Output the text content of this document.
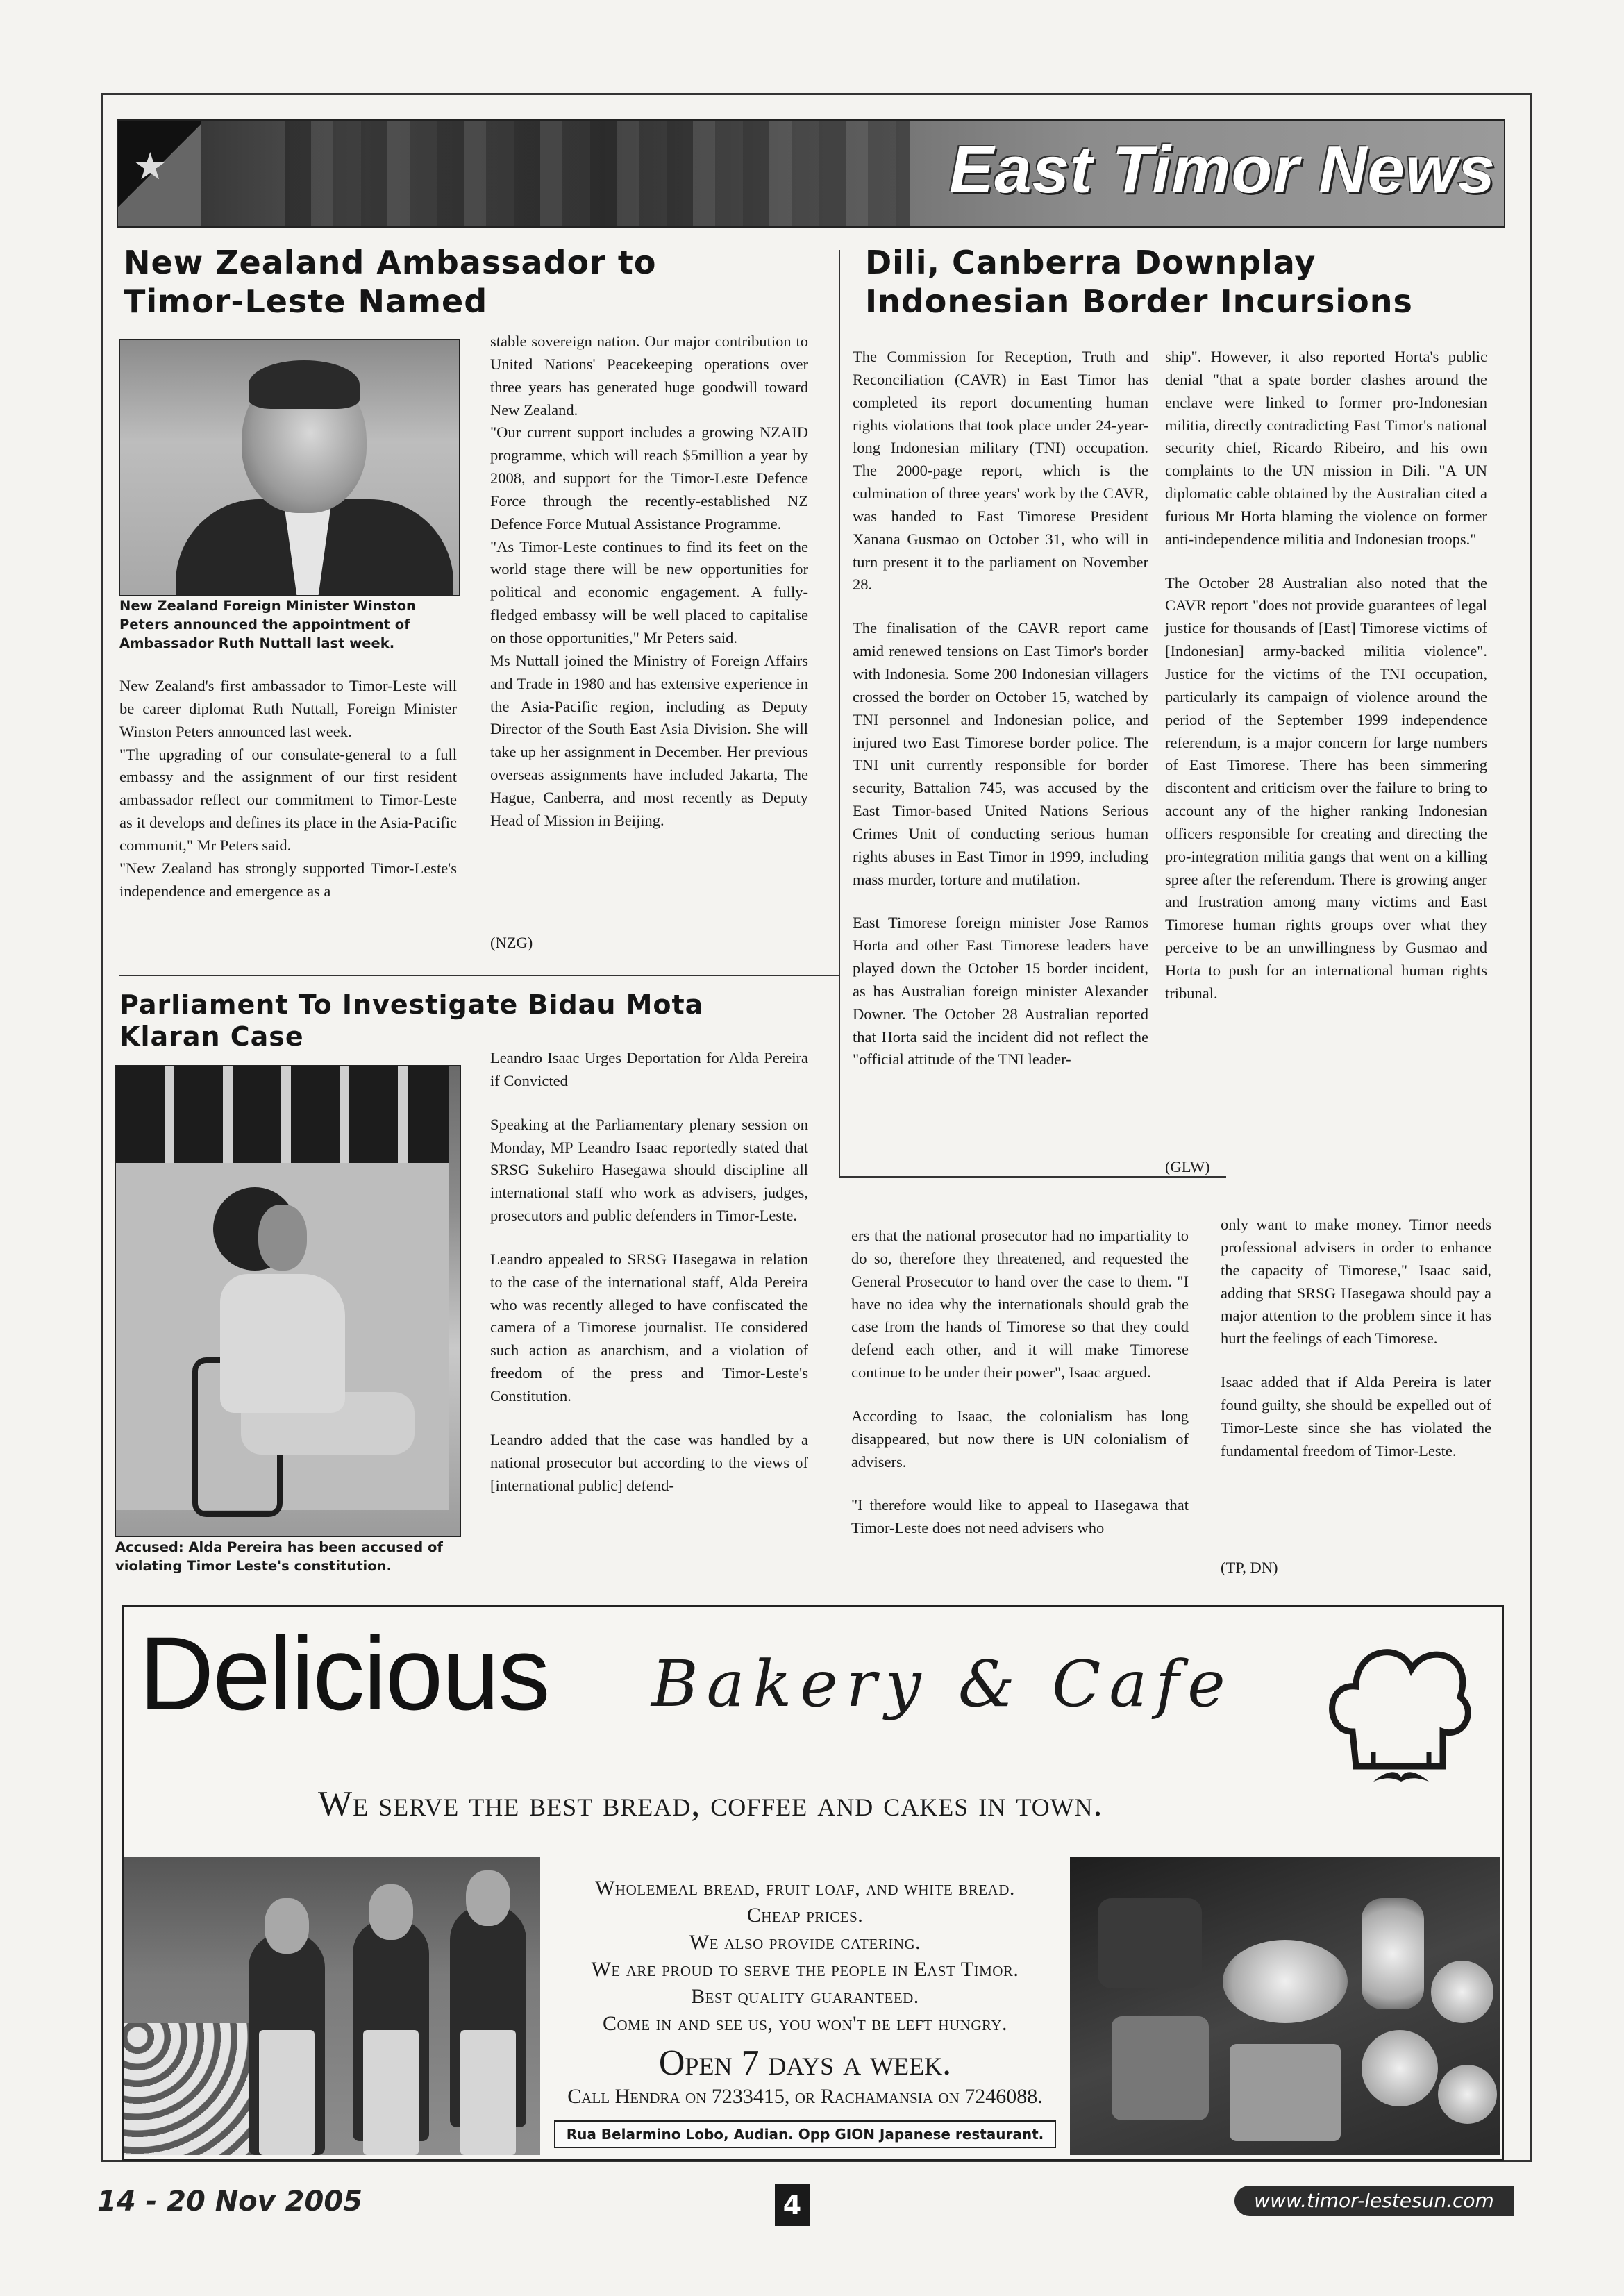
★	East Timor News
New Zealand Ambassador to Timor-Leste Named
New Zealand Foreign Minister Winston Peters announced the appointment of Ambassador Ruth Nuttall last week.

New Zealand's first ambassador to Timor-Leste will be career diplomat Ruth Nuttall, Foreign Minister Winston Peters announced last week.

"The upgrading of our consulate-general to a full embassy and the assignment of our first resident ambassador reflect our commitment to Timor-Leste as it develops and defines its place in the Asia-Pacific communit," Mr Peters said.

"New Zealand has strongly supported Timor-Leste's independence and emergence as a

stable sovereign nation. Our major contribution to United Nations' Peacekeeping operations over three years has generated huge goodwill toward New Zealand.

"Our current support includes a growing NZAID programme, which will reach $5million a year by 2008, and support for the Timor-Leste Defence Force through the recently-established NZ Defence Force Mutual Assistance Programme.

"As Timor-Leste continues to find its feet on the world stage there will be new opportunities for political and economic engagement. A fully-fledged embassy will be well placed to capitalise on those opportunities," Mr Peters said.

Ms Nuttall joined the Ministry of Foreign Affairs and Trade in 1980 and has extensive experience in the Asia-Pacific region, including as Deputy Director of the South East Asia Division. She will take up her assignment in December. Her previous overseas assignments have included Jakarta, The Hague, Canberra, and most recently as Deputy Head of Mission in Beijing.

(NZG)
Dili, Canberra Downplay Indonesian Border Incursions

The Commission for Reception, Truth and Reconciliation (CAVR) in East Timor has completed its report documenting human rights violations that took place under 24-year-long Indonesian military (TNI) occupation. The 2000-page report, which is the culmination of three years' work by the CAVR, was handed to East Timorese President Xanana Gusmao on October 31, who will in turn present it to the parliament on November 28.

The finalisation of the CAVR report came amid renewed tensions on East Timor's border with Indonesia. Some 200 Indonesian villagers crossed the border on October 15, watched by TNI personnel and Indonesian police, and injured two East Timorese border police. The TNI unit currently responsible for border security, Battalion 745, was accused by the East Timor-based United Nations Serious Crimes Unit of conducting serious human rights abuses in East Timor in 1999, including mass murder, torture and mutilation.

East Timorese foreign minister Jose Ramos Horta and other East Timorese leaders have played down the October 15 border incident, as has Australian foreign minister Alexander Downer. The October 28 Australian reported that Horta said the incident did not reflect the "official attitude of the TNI leader-

ship". However, it also reported Horta's public denial "that a spate border clashes around the enclave were linked to former pro-Indonesian militia, directly contradicting East Timor's national security chief, Ricardo Ribeiro, and his own complaints to the UN mission in Dili. "A UN diplomatic cable obtained by the Australian cited a furious Mr Horta blaming the violence on former anti-independence militia and Indonesian troops."

The October 28 Australian also noted that the CAVR report "does not provide guarantees of legal justice for thousands of [East] Timorese victims of [Indonesian] army-backed militia violence". Justice for the victims of the TNI occupation, particularly its campaign of violence around the period of the September 1999 independence referendum, is a major concern for large numbers of East Timorese. There has been simmering discontent and criticism over the failure to bring to account any of the higher ranking Indonesian officers responsible for creating and directing the pro-integration militia gangs that went on a killing spree after the referendum. There is growing anger and frustration among many victims and East Timorese human rights groups over what they perceive to be an unwillingness by Gusmao and Horta to push for an international human rights tribunal.

(GLW)
Parliament To Investigate Bidau Mota Klaran Case
Accused: Alda Pereira has been accused of violating Timor Leste's constitution.

Leandro Isaac Urges Deportation for Alda Pereira if Convicted

Speaking at the Parliamentary plenary session on Monday, MP Leandro Isaac reportedly stated that SRSG Sukehiro Hasegawa should discipline all international staff who work as advisers, judges, prosecutors and public defenders in Timor-Leste.

Leandro appealed to SRSG Hasegawa in relation to the case of the international staff, Alda Pereira who was recently alleged to have confiscated the camera of a Timorese journalist. He considered such action as anarchism, and a violation of freedom of the press and Timor-Leste's Constitution.

Leandro added that the case was handled by a national prosecutor but according to the views of [international public] defend-

ers that the national prosecutor had no impartiality to do so, therefore they threatened, and requested the General Prosecutor to hand over the case to them. "I have no idea why the internationals should grab the case from the hands of Timorese so that they could defend each other, and it will make Timorese continue to be under their power", Isaac argued.

According to Isaac, the colonialism has long disappeared, but now there is UN colonialism of advisers.

"I therefore would like to appeal to Hasegawa that Timor-Leste does not need advisers who

only want to make money. Timor needs professional advisers in order to enhance the capacity of Timorese," Isaac said, adding that SRSG Hasegawa should pay a major attention to the problem since it has hurt the feelings of each Timorese.

Isaac added that if Alda Pereira is later found guilty, she should be expelled out of Timor-Leste since she has violated the fundamental freedom of Timor-Leste.

(TP, DN)
Delicious Bakery & Cafe
We serve the best bread, coffee and cakes in town.
Wholemeal bread, fruit loaf, and white bread.
Cheap prices.
We also provide catering.
We are proud to serve the people in East Timor.
Best quality guaranteed.
Come in and see us, you won't be left hungry.
Open 7 days a week.
Call Hendra on 7233415, or Rachamansia on 7246088.
Rua Belarmino Lobo, Audian. Opp GION Japanese restaurant.
14 - 20 Nov 2005	4	www.timor-lestesun.com
